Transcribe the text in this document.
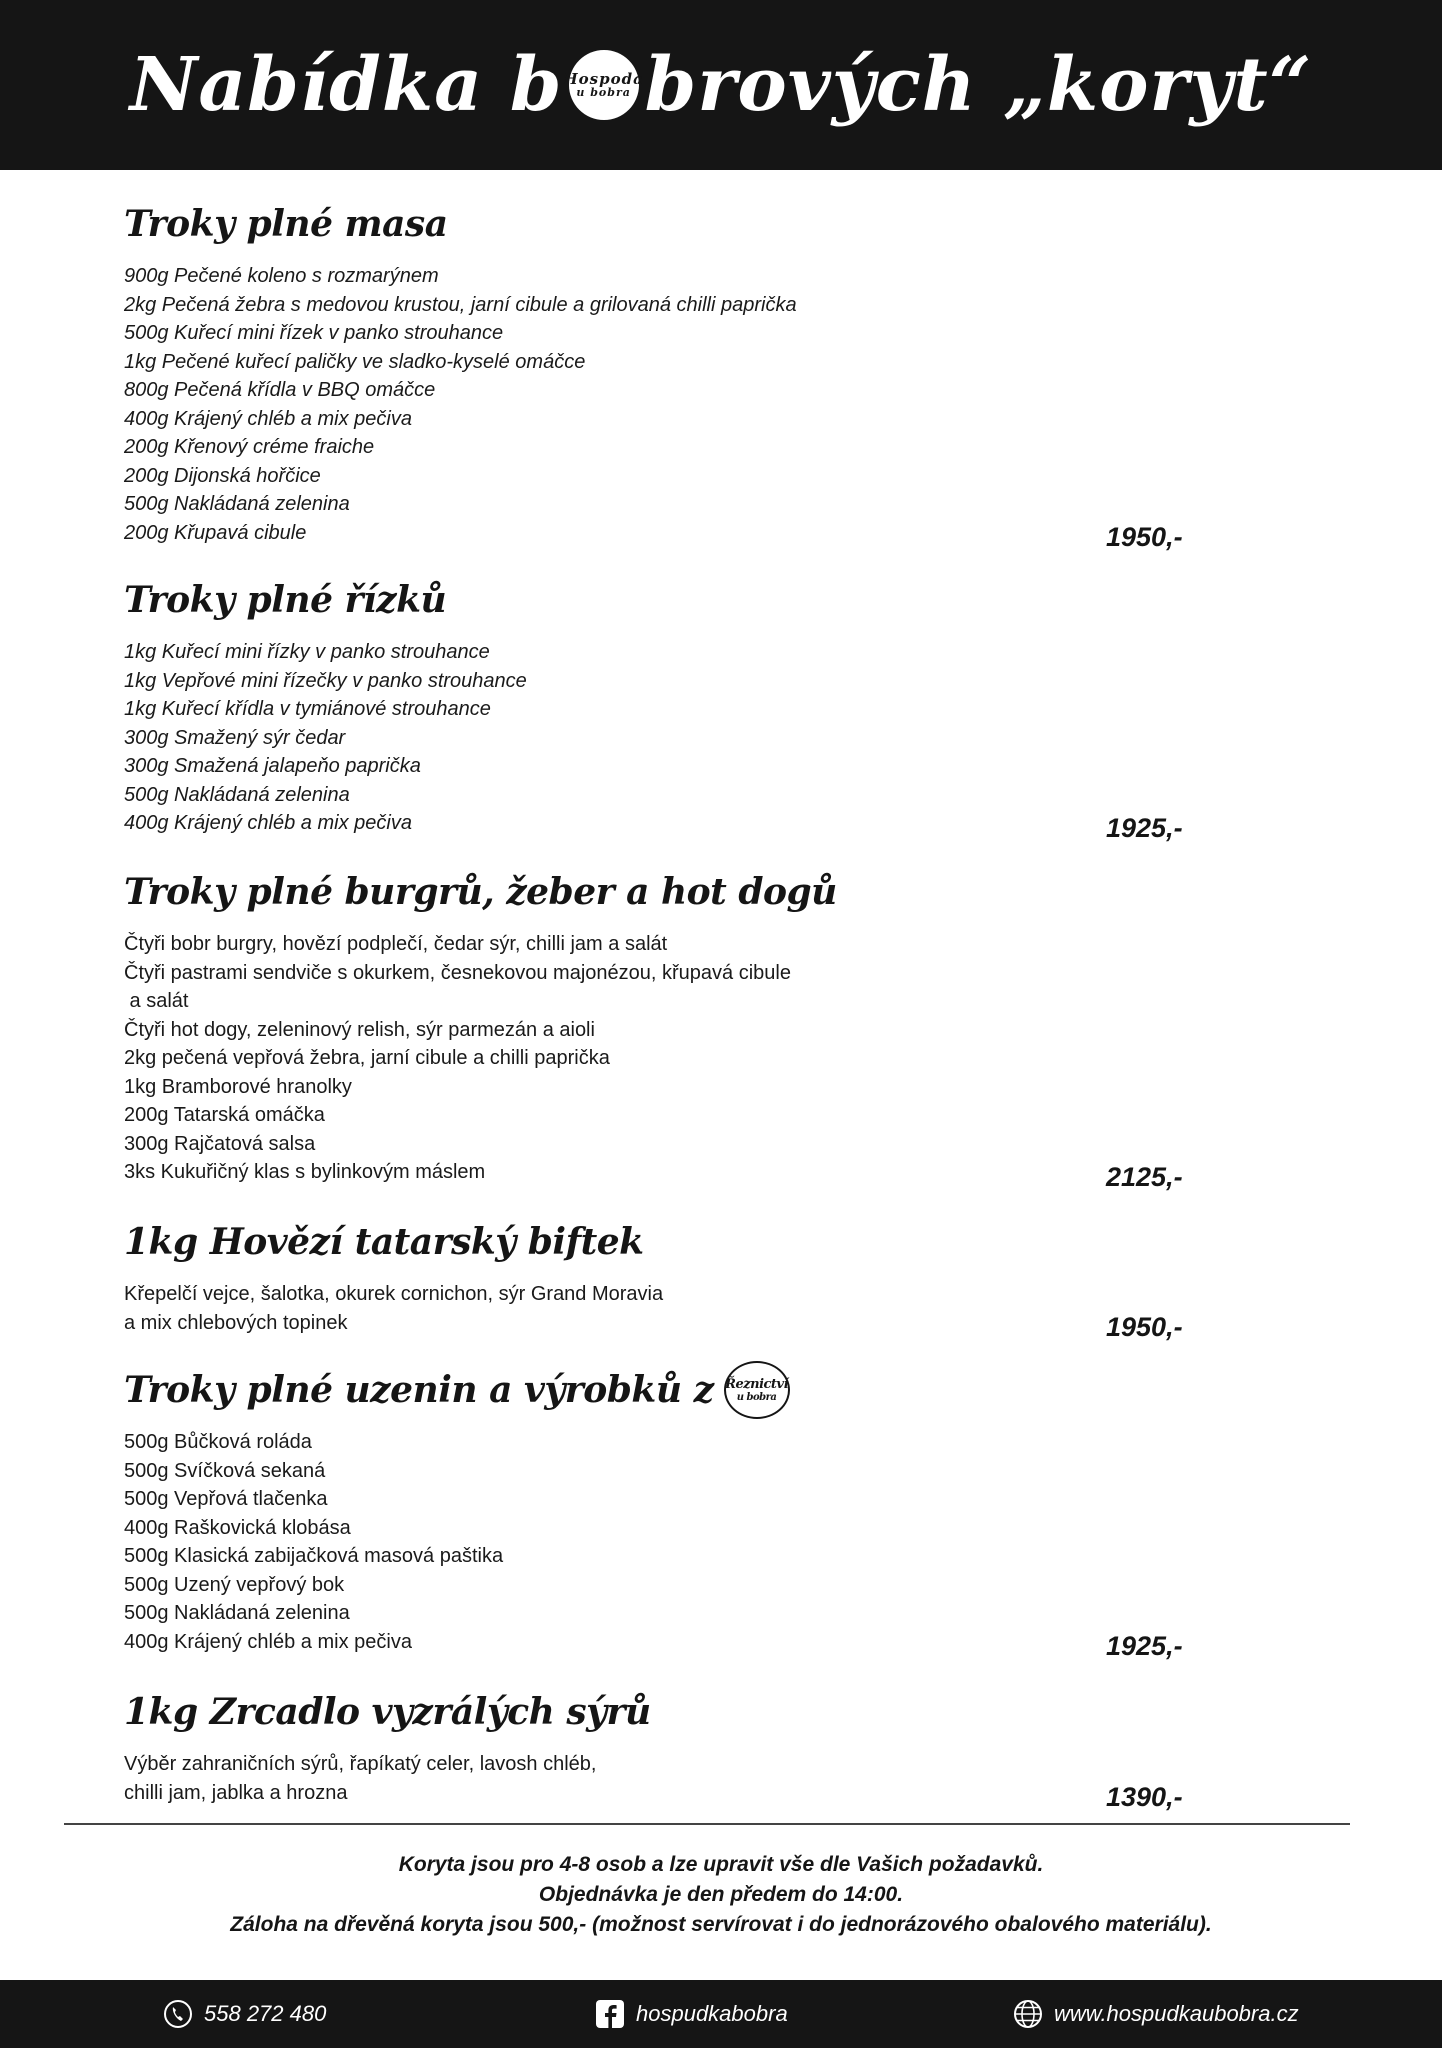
Nabídka b Hospoda
u bobra brových „koryt“
Troky plné masa
900g Pečené koleno s rozmarýnem
2kg Pečená žebra s medovou krustou, jarní cibule a grilovaná chilli paprička
500g Kuřecí mini řízek v panko strouhance
1kg Pečené kuřecí paličky ve sladko-kyselé omáčce
800g Pečená křídla v BBQ omáčce
400g Krájený chléb a mix pečiva
200g Křenový créme fraiche
200g Dijonská hořčice
500g Nakládaná zelenina
200g Křupavá cibule	1950,-
Troky plné řízků
1kg Kuřecí mini řízky v panko strouhance
1kg Vepřové mini řízečky v panko strouhance
1kg Kuřecí křídla v tymiánové strouhance
300g Smažený sýr čedar
300g Smažená jalapeňo paprička
500g Nakládaná zelenina
400g Krájený chléb a mix pečiva	1925,-
Troky plné burgrů, žeber a hot dogů
Čtyři bobr burgry, hovězí podplečí, čedar sýr, chilli jam a salát
Čtyři pastrami sendviče s okurkem, česnekovou majonézou, křupavá cibule
a salát
Čtyři hot dogy, zeleninový relish, sýr parmezán a aioli
2kg pečená vepřová žebra, jarní cibule a chilli paprička
1kg Bramborové hranolky
200g Tatarská omáčka
300g Rajčatová salsa
3ks Kukuřičný klas s bylinkovým máslem	2125,-
1kg Hovězí tatarský biftek
Křepelčí vejce, šalotka, okurek cornichon, sýr Grand Moravia
a mix chlebových topinek	1950,-
Troky plné uzenin a výrobků z Řeznictví
u bobra
500g Bůčková roláda
500g Svíčková sekaná
500g Vepřová tlačenka
400g Raškovická klobása
500g Klasická zabijačková masová paštika
500g Uzený vepřový bok
500g Nakládaná zelenina
400g Krájený chléb a mix pečiva	1925,-
1kg Zrcadlo vyzrálých sýrů
Výběr zahraničních sýrů, řapíkatý celer, lavosh chléb,
chilli jam, jablka a hrozna	1390,-
Koryta jsou pro 4-8 osob a lze upravit vše dle Vašich požadavků.
Objednávka je den předem do 14:00.
Záloha na dřevěná koryta jsou 500,- (možnost servírovat i do jednorázového obalového materiálu).
558 272 480	hospudkabobra	www.hospudkaubobra.cz
